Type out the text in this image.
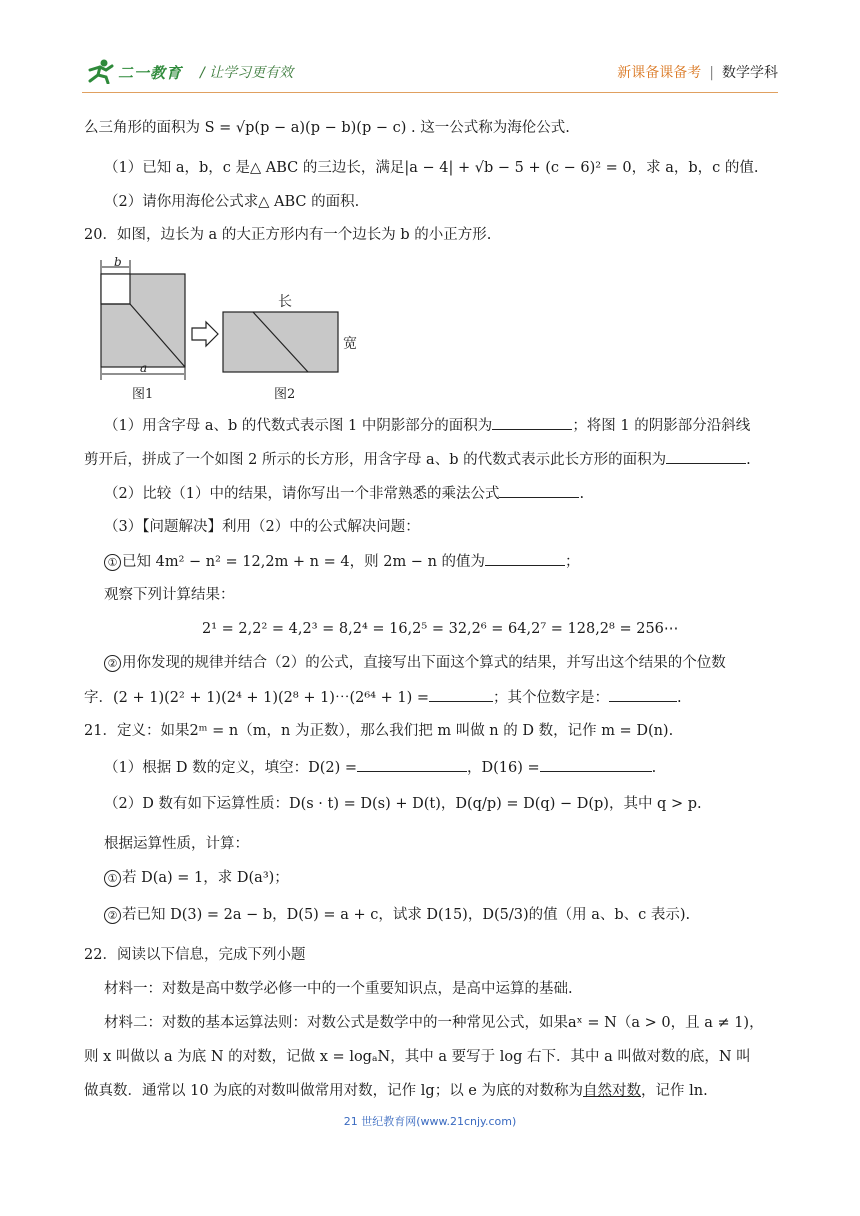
二一教育 / 让学习更有效	新课备课备考 | 数学学科
么三角形的面积为 S = √p(p − a)(p − b)(p − c) . 这一公式称为海伦公式.
（1）已知 a，b，c 是△ ABC 的三边长，满足|a − 4| + √b − 5 + (c − 6)² = 0，求 a，b，c 的值.
（2）请你用海伦公式求△ ABC 的面积.
20．如图，边长为 a 的大正方形内有一个边长为 b 的小正方形.
b
a
图1
长
宽
图2
（1）用含字母 a、b 的代数式表示图 1 中阴影部分的面积为	；将图 1 的阴影部分沿斜线
剪开后，拼成了一个如图 2 所示的长方形，用含字母 a、b 的代数式表示此长方形的面积为	.
（2）比较（1）中的结果，请你写出一个非常熟悉的乘法公式	.
（3）【问题解决】利用（2）中的公式解决问题：
① 已知 4m² − n² = 12,2m + n = 4，则 2m − n 的值为	；
观察下列计算结果：
2¹ = 2,2² = 4,2³ = 8,2⁴ = 16,2⁵ = 32,2⁶ = 64,2⁷ = 128,2⁸ = 256⋯
② 用你发现的规律并结合（2）的公式，直接写出下面这个算式的结果，并写出这个结果的个位数
字．(2 + 1)(2² + 1)(2⁴ + 1)(2⁸ + 1)⋯(2⁶⁴ + 1) =	；其个位数字是：	.
21．定义：如果2ᵐ = n（m，n 为正数），那么我们把 m 叫做 n 的 D 数，记作 m = D(n).
（1）根据 D 数的定义，填空：D(2) =	，D(16) =	.
（2）D 数有如下运算性质：D(s · t) = D(s) + D(t)，D(q/p) = D(q) − D(p)，其中 q > p.
根据运算性质，计算：
① 若 D(a) = 1，求 D(a³)；
② 若已知 D(3) = 2a − b，D(5) = a + c，试求 D(15)，D(5/3)的值（用 a、b、c 表示).
22．阅读以下信息，完成下列小题
材料一：对数是高中数学必修一中的一个重要知识点，是高中运算的基础.
材料二：对数的基本运算法则：对数公式是数学中的一种常见公式，如果aˣ = N（a > 0，且 a ≠ 1)，
则 x 叫做以 a 为底 N 的对数，记做 x = logₐN，其中 a 要写于 log 右下．其中 a 叫做对数的底，N 叫
做真数．通常以 10 为底的对数叫做常用对数，记作 lg；以 e 为底的对数称为自然对数，记作 ln.
21 世纪教育网(www.21cnjy.com)
